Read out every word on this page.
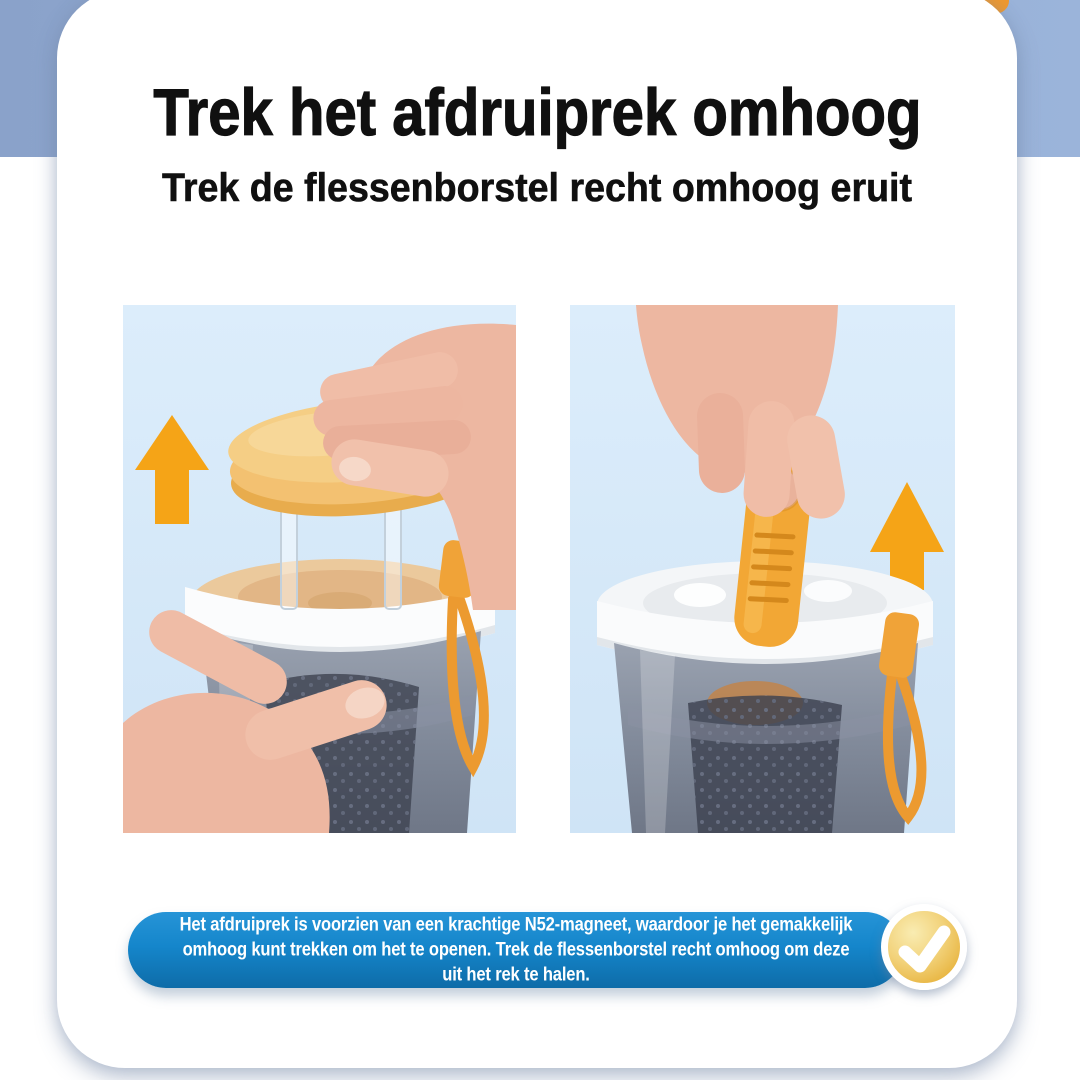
Trek het afdruiprek omhoog
Trek de flessenborstel recht omhoog eruit
Het afdruiprek is voorzien van een krachtige N52-magneet, waardoor je het gemakkelijk omhoog kunt trekken om het te openen. Trek de flessenborstel recht omhoog om deze uit het rek te halen.
